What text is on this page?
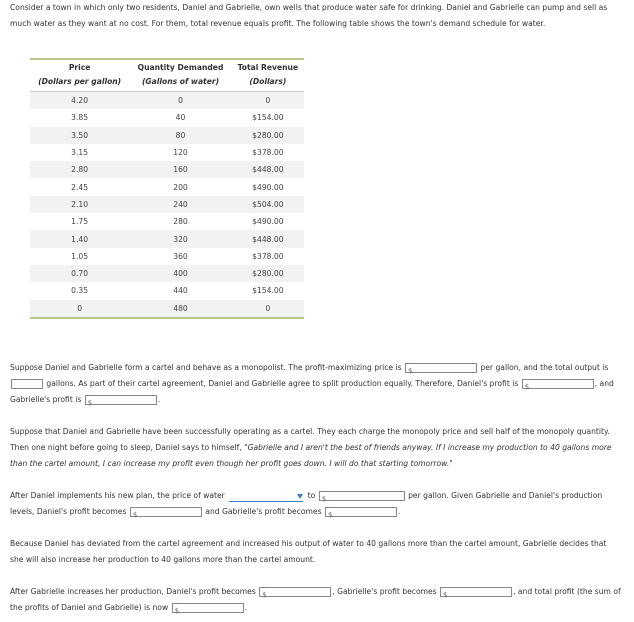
Consider a town in which only two residents, Daniel and Gabrielle, own wells that produce water safe for drinking. Daniel and Gabrielle can pump and sell as much water as they want at no cost. For them, total revenue equals profit. The following table shows the town's demand schedule for water.
Price	Quantity Demanded	Total Revenue
(Dollars per gallon)	(Gallons of water)	(Dollars)
4.20	0	0
3.85	40	$154.00
3.50	80	$280.00
3.15	120	$378.00
2.80	160	$448.00
2.45	200	$490.00
2.10	240	$504.00
1.75	280	$490.00
1.40	320	$448.00
1.05	360	$378.00
0.70	400	$280.00
0.35	440	$154.00
0	480	0
Suppose Daniel and Gabrielle form a cartel and behave as a monopolist. The profit-maximizing price is $	per gallon, and the total output is  gallons. As part of their cartel agreement, Daniel and Gabrielle agree to split production equally. Therefore, Daniel's profit is $	, and Gabrielle's profit is $	.
Suppose that Daniel and Gabrielle have been successfully operating as a cartel. They each charge the monopoly price and sell half of the monopoly quantity. Then one night before going to sleep, Daniel says to himself, "Gabrielle and I aren't the best of friends anyway. If I increase my production to 40 gallons more than the cartel amount, I can increase my profit even though her profit goes down. I will do that starting tomorrow."
After Daniel implements his new plan, the price of water	to $	per gallon. Given Gabrielle and Daniel's production levels, Daniel's profit becomes $	and Gabrielle's profit becomes $	.
Because Daniel has deviated from the cartel agreement and increased his output of water to 40 gallons more than the cartel amount, Gabrielle decides that she will also increase her production to 40 gallons more than the cartel amount.
After Gabrielle increases her production, Daniel's profit becomes $	, Gabrielle's profit becomes $	, and total profit (the sum of the profits of Daniel and Gabrielle) is now $	.
